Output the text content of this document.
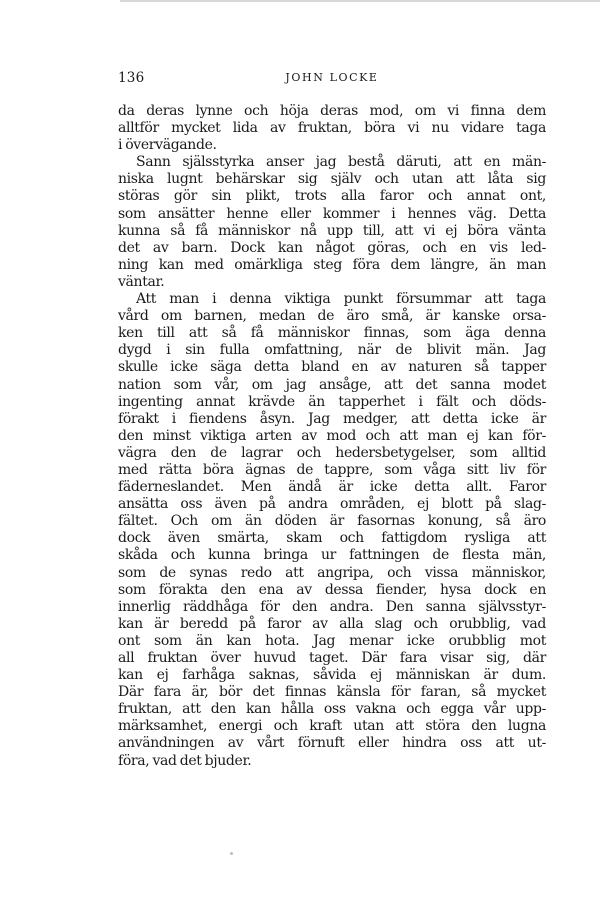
136	JOHN LOCKE
da deras lynne och höja deras mod, om vi finna dem
alltför mycket lida av fruktan, böra vi nu vidare taga
i övervägande.
Sann själsstyrka anser jag bestå däruti, att en män-
niska lugnt behärskar sig själv och utan att låta sig
störas gör sin plikt, trots alla faror och annat ont,
som ansätter henne eller kommer i hennes väg. Detta
kunna så få människor nå upp till, att vi ej böra vänta
det av barn. Dock kan något göras, och en vis led-
ning kan med omärkliga steg föra dem längre, än man
väntar.
Att man i denna viktiga punkt försummar att taga
vård om barnen, medan de äro små, är kanske orsa-
ken till att så få människor finnas, som äga denna
dygd i sin fulla omfattning, när de blivit män. Jag
skulle icke säga detta bland en av naturen så tapper
nation som vår, om jag ansåge, att det sanna modet
ingenting annat krävde än tapperhet i fält och döds-
förakt i fiendens åsyn. Jag medger, att detta icke är
den minst viktiga arten av mod och att man ej kan för-
vägra den de lagrar och hedersbetygelser, som alltid
med rätta böra ägnas de tappre, som våga sitt liv för
fäderneslandet. Men ändå är icke detta allt. Faror
ansätta oss även på andra områden, ej blott på slag-
fältet. Och om än döden är fasornas konung, så äro
dock även smärta, skam och fattigdom rysliga att
skåda och kunna bringa ur fattningen de flesta män,
som de synas redo att angripa, och vissa människor,
som förakta den ena av dessa fiender, hysa dock en
innerlig räddhåga för den andra. Den sanna självsstyr-
kan är beredd på faror av alla slag och orubblig, vad
ont som än kan hota. Jag menar icke orubblig mot
all fruktan över huvud taget. Där fara visar sig, där
kan ej farhåga saknas, såvida ej människan är dum.
Där fara är, bör det finnas känsla för faran, så mycket
fruktan, att den kan hålla oss vakna och egga vår upp-
märksamhet, energi och kraft utan att störa den lugna
användningen av vårt förnuft eller hindra oss att ut-
föra, vad det bjuder.
